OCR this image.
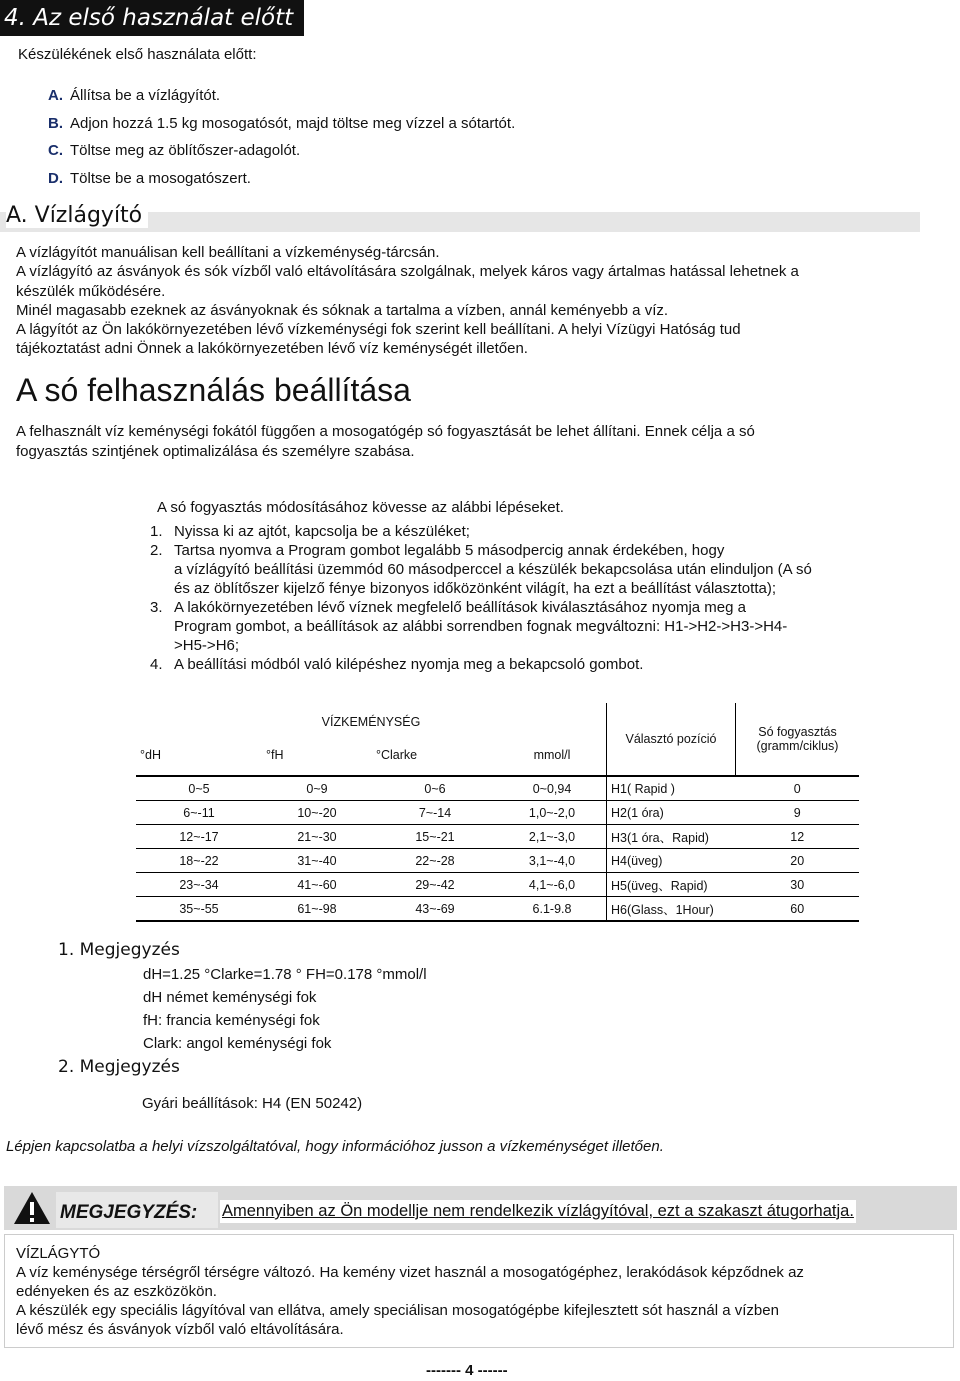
4. Az első használat előtt
Készülékének első használata előtt:
A. Állítsa be a vízlágyítót.
B. Adjon hozzá 1.5 kg mosogatósót, majd töltse meg vízzel a sótartót.
C. Töltse meg az öblítőszer-adagolót.
D. Töltse be a mosogatószert.
A. Vízlágyító
A vízlágyítót manuálisan kell beállítani a vízkeménység-tárcsán.
A vízlágyító az ásványok és sók vízből való eltávolítására szolgálnak, melyek káros vagy ártalmas hatással lehetnek a
készülék működésére.
Minél magasabb ezeknek az ásványoknak és sóknak a tartalma a vízben, annál keményebb a víz.
A lágyítót az Ön lakókörnyezetében lévő vízkeménységi fok szerint kell beállítani. A helyi Vízügyi Hatóság tud
tájékoztatást adni Önnek a lakókörnyezetében lévő víz keménységét illetően.
A só felhasználás beállítása
A felhasznált víz keménységi fokától függően a mosogatógép só fogyasztását be lehet állítani. Ennek célja a só
fogyasztás szintjének optimalizálása és személyre szabása.
A só fogyasztás módosításához kövesse az alábbi lépéseket.
1. Nyissa ki az ajtót, kapcsolja be a készüléket;
2. Tartsa nyomva a Program gombot legalább 5 másodpercig annak érdekében, hogy
a vízlágyító beállítási üzemmód 60 másodperccel a készülék bekapcsolása után elinduljon (A só
és az öblítőszer kijelző fénye bizonyos időközönként világít, ha ezt a beállítást választotta);
3. A lakókörnyezetében lévő víznek megfelelő beállítások kiválasztásához nyomja meg a
Program gombot, a beállítások az alábbi sorrendben fognak megváltozni: H1->H2->H3->H4-
>H5->H6;
4. A beállítási módból való kilépéshez nyomja meg a bekapcsoló gombot.
VÍZKEMÉNYSÉG				Választó pozíció	Só fogyasztás (gramm/ciklus)
°dH	°fH	°Clarke	mmol/l		
0~5	0~9	0~6	0~0,94	H1( Rapid )	0
6~-11	10~-20	7~-14	1,0~-2,0	H2(1 óra)	9
12~-17	21~-30	15~-21	2,1~-3,0	H3(1 óra、Rapid)	12
18~-22	31~-40	22~-28	3,1~-4,0	H4(üveg)	20
23~-34	41~-60	29~-42	4,1~-6,0	H5(üveg、Rapid)	30
35~-55	61~-98	43~-69	6.1-9.8	H6(Glass、1Hour)	60
1. Megjegyzés
dH=1.25 °Clarke=1.78 ° FH=0.178 °mmol/l
dH német keménységi fok
fH: francia keménységi fok
Clark: angol keménységi fok
2. Megjegyzés
Gyári beállítások: H4 (EN 50242)
Lépjen kapcsolatba a helyi vízszolgáltatóval, hogy információhoz jusson a vízkeménységet illetően.
MEGJEGYZÉS:	Amennyiben az Ön modellje nem rendelkezik vízlágyítóval, ezt a szakaszt átugorhatja.
VÍZLÁGYTÓ
A víz keménysége térségről térségre változó. Ha kemény vizet használ a mosogatógéphez, lerakódások képződnek az
edényeken és az eszközökön.
A készülék egy speciális lágyítóval van ellátva, amely speciálisan mosogatógépbe kifejlesztett sót használ a vízben
lévő mész és ásványok vízből való eltávolítására.
------- 4 ------
